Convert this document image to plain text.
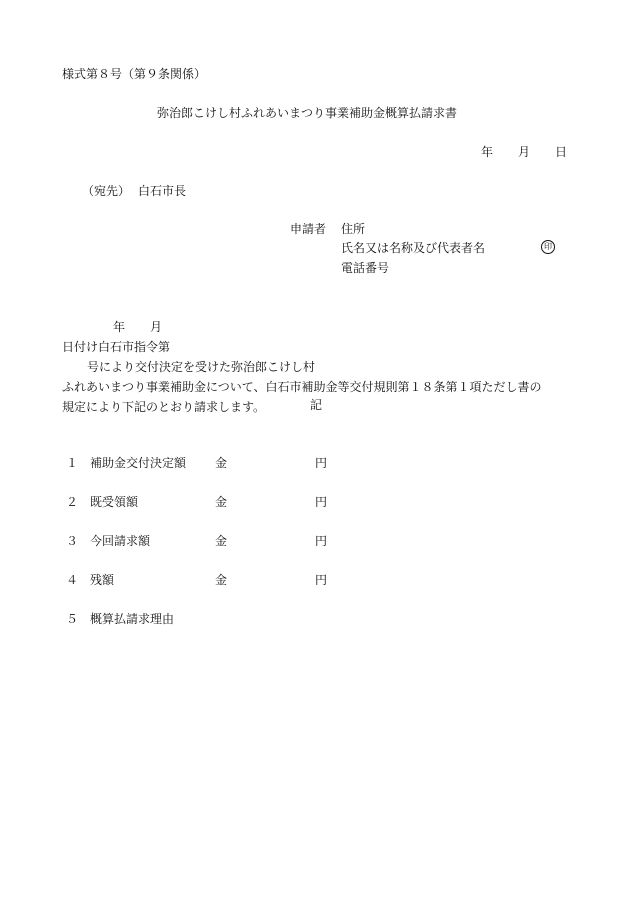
様式第８号（第９条関係）
弥治郎こけし村ふれあいまつり事業補助金概算払請求書
年 月 日
（宛先） 白石市長
申請者 住所
氏名又は名称及び代表者名	印
電話番号
年 月
日付け白石市指令第
号により交付決定を受けた弥治郎こけし村
ふれあいまつり事業補助金について、白石市補助金等交付規則第１８条第１項ただし書の
規定により下記のとおり請求します。	記
１ 補助金交付決定額 金	円
２ 既受領額	金	円
３ 今回請求額	金	円
４ 残額	金	円
５ 概算払請求理由
